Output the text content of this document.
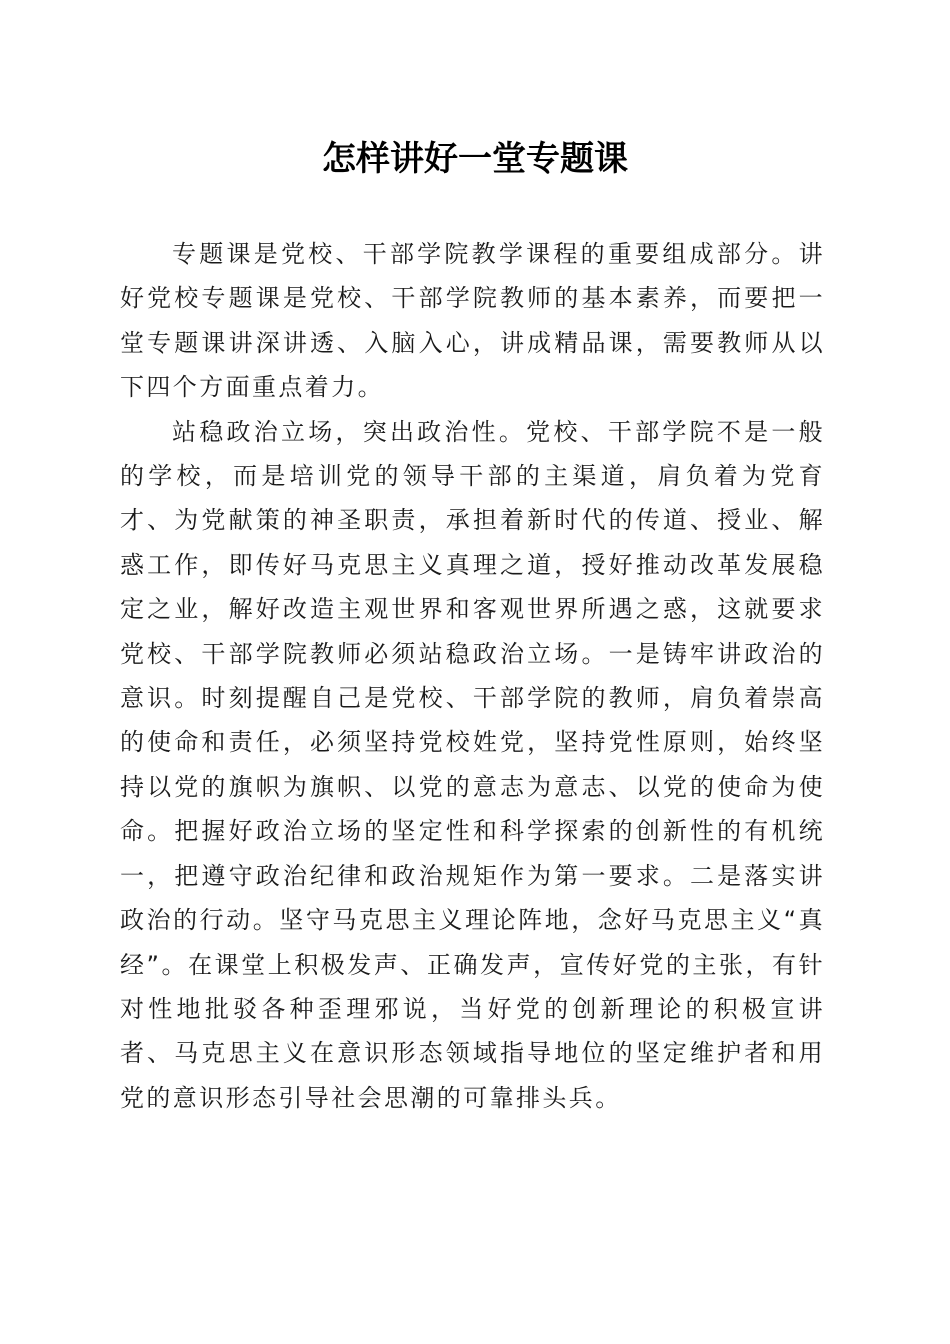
怎样讲好一堂专题课

专题课是党校、干部学院教学课程的重要组成部分。讲好党校专题课是党校、干部学院教师的基本素养，而要把一堂专题课讲深讲透、入脑入心，讲成精品课，需要教师从以下四个方面重点着力。

站稳政治立场，突出政治性。党校、干部学院不是一般的学校，而是培训党的领导干部的主渠道，肩负着为党育才、为党献策的神圣职责，承担着新时代的传道、授业、解惑工作，即传好马克思主义真理之道，授好推动改革发展稳定之业，解好改造主观世界和客观世界所遇之惑，这就要求党校、干部学院教师必须站稳政治立场。一是铸牢讲政治的意识。时刻提醒自己是党校、干部学院的教师，肩负着崇高的使命和责任，必须坚持党校姓党，坚持党性原则，始终坚持以党的旗帜为旗帜、以党的意志为意志、以党的使命为使命。把握好政治立场的坚定性和科学探索的创新性的有机统一，把遵守政治纪律和政治规矩作为第一要求。二是落实讲政治的行动。坚守马克思主义理论阵地，念好马克思主义“真经”。在课堂上积极发声、正确发声，宣传好党的主张，有针对性地批驳各种歪理邪说，当好党的创新理论的积极宣讲者、马克思主义在意识形态领域指导地位的坚定维护者和用党的意识形态引导社会思潮的可靠排头兵。
